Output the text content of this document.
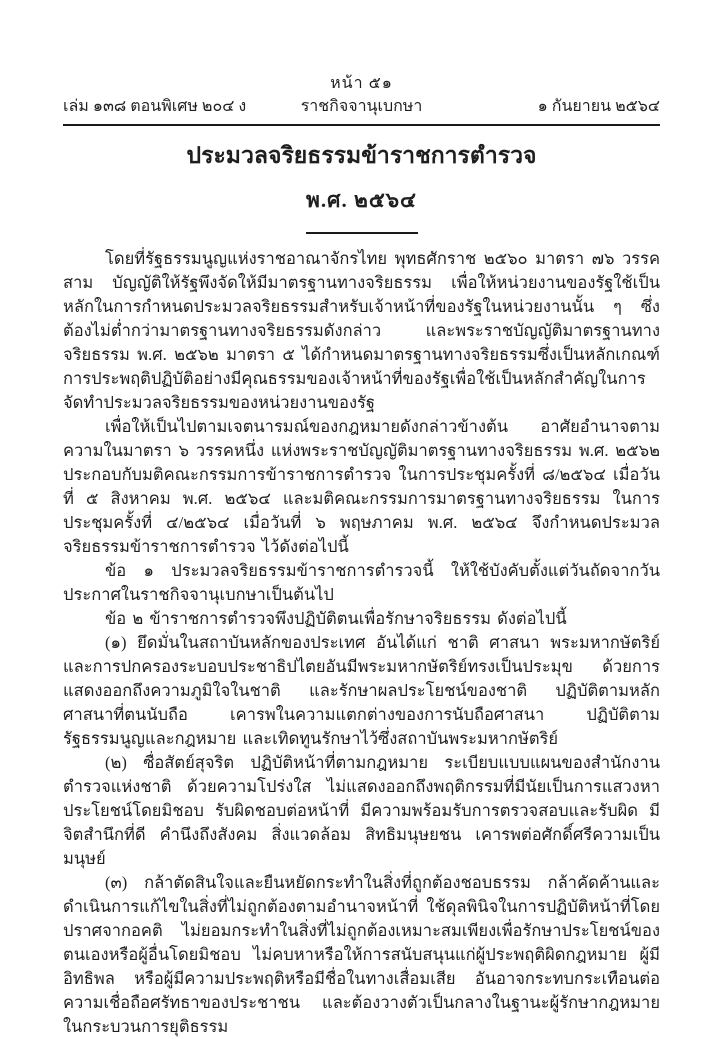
หน้า ๕๑
เล่ม ๑๓๘ ตอนพิเศษ ๒๐๔ ง	ราชกิจจานุเบกษา	๑ กันยายน ๒๕๖๔
ประมวลจริยธรรมข้าราชการตำรวจ
พ.ศ. ๒๕๖๔

โดยที่รัฐธรรมนูญแห่งราชอาณาจักรไทย พุทธศักราช ๒๕๖๐ มาตรา ๗๖ วรรคสาม บัญญัติให้รัฐพึงจัดให้มีมาตรฐานทางจริยธรรม เพื่อให้หน่วยงานของรัฐใช้เป็นหลักในการกำหนดประมวลจริยธรรมสำหรับเจ้าหน้าที่ของรัฐในหน่วยงานนั้น ๆ ซึ่งต้องไม่ต่ำกว่ามาตรฐานทางจริยธรรมดังกล่าว และพระราชบัญญัติมาตรฐานทางจริยธรรม พ.ศ. ๒๕๖๒ มาตรา ๕ ได้กำหนดมาตรฐานทางจริยธรรมซึ่งเป็นหลักเกณฑ์การประพฤติปฏิบัติอย่างมีคุณธรรมของเจ้าหน้าที่ของรัฐเพื่อใช้เป็นหลักสำคัญในการจัดทำประมวลจริยธรรมของหน่วยงานของรัฐ

เพื่อให้เป็นไปตามเจตนารมณ์ของกฎหมายดังกล่าวข้างต้น อาศัยอำนาจตามความในมาตรา ๖ วรรคหนึ่ง แห่งพระราชบัญญัติมาตรฐานทางจริยธรรม พ.ศ. ๒๕๖๒ ประกอบกับมติคณะกรรมการข้าราชการตำรวจ ในการประชุมครั้งที่ ๘/๒๕๖๔ เมื่อวันที่ ๕ สิงหาคม พ.ศ. ๒๕๖๔ และมติคณะกรรมการมาตรฐานทางจริยธรรม ในการประชุมครั้งที่ ๔/๒๕๖๔ เมื่อวันที่ ๖ พฤษภาคม พ.ศ. ๒๕๖๔ จึงกำหนดประมวลจริยธรรมข้าราชการตำรวจ ไว้ดังต่อไปนี้

ข้อ ๑ ประมวลจริยธรรมข้าราชการตำรวจนี้ ให้ใช้บังคับตั้งแต่วันถัดจากวันประกาศในราชกิจจานุเบกษาเป็นต้นไป

ข้อ ๒ ข้าราชการตำรวจพึงปฏิบัติตนเพื่อรักษาจริยธรรม ดังต่อไปนี้

(๑) ยึดมั่นในสถาบันหลักของประเทศ อันได้แก่ ชาติ ศาสนา พระมหากษัตริย์ และการปกครองระบอบประชาธิปไตยอันมีพระมหากษัตริย์ทรงเป็นประมุข ด้วยการแสดงออกถึงความภูมิใจในชาติ และรักษาผลประโยชน์ของชาติ ปฏิบัติตามหลักศาสนาที่ตนนับถือ เคารพในความแตกต่างของการนับถือศาสนา ปฏิบัติตามรัฐธรรมนูญและกฎหมาย และเทิดทูนรักษาไว้ซึ่งสถาบันพระมหากษัตริย์

(๒) ซื่อสัตย์สุจริต ปฏิบัติหน้าที่ตามกฎหมาย ระเบียบแบบแผนของสำนักงานตำรวจแห่งชาติ ด้วยความโปร่งใส ไม่แสดงออกถึงพฤติกรรมที่มีนัยเป็นการแสวงหาประโยชน์โดยมิชอบ รับผิดชอบต่อหน้าที่ มีความพร้อมรับการตรวจสอบและรับผิด มีจิตสำนึกที่ดี คำนึงถึงสังคม สิ่งแวดล้อม สิทธิมนุษยชน เคารพต่อศักดิ์ศรีความเป็นมนุษย์

(๓) กล้าตัดสินใจและยืนหยัดกระทำในสิ่งที่ถูกต้องชอบธรรม กล้าคัดค้านและดำเนินการแก้ไขในสิ่งที่ไม่ถูกต้องตามอำนาจหน้าที่ ใช้ดุลพินิจในการปฏิบัติหน้าที่โดยปราศจากอคติ ไม่ยอมกระทำในสิ่งที่ไม่ถูกต้องเหมาะสมเพียงเพื่อรักษาประโยชน์ของตนเองหรือผู้อื่นโดยมิชอบ ไม่คบหาหรือให้การสนับสนุนแก่ผู้ประพฤติผิดกฎหมาย ผู้มีอิทธิพล หรือผู้มีความประพฤติหรือมีชื่อในทางเสื่อมเสีย อันอาจกระทบกระเทือนต่อความเชื่อถือศรัทธาของประชาชน และต้องวางตัวเป็นกลางในฐานะผู้รักษากฎหมายในกระบวนการยุติธรรม
